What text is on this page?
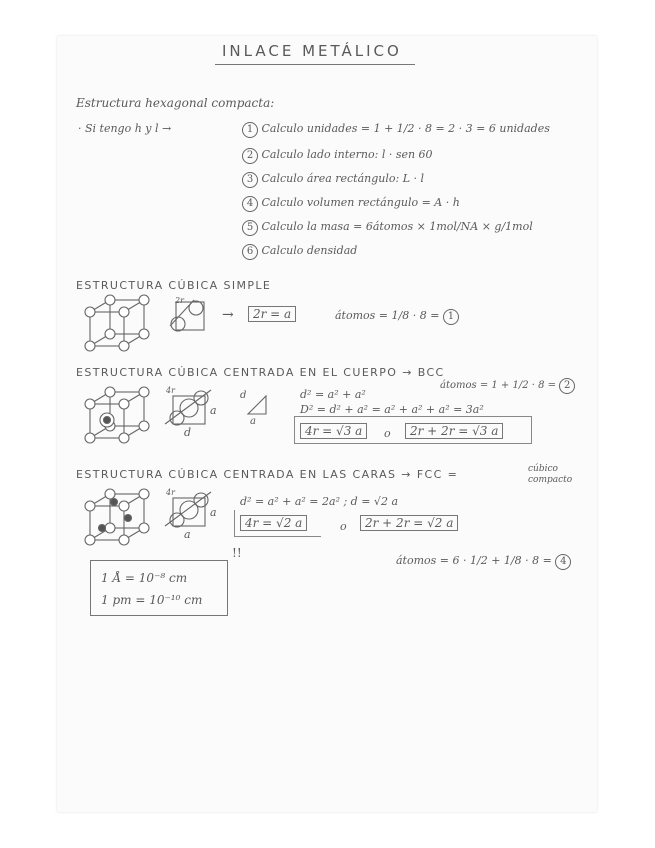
INLACE METÁLICO
Estructura hexagonal compacta:
· Si tengo h y l →	1 Calculo unidades = 1 + 1/2 · 8 = 2 · 3 = 6 unidades
2 Calculo lado interno: l · sen 60
3 Calculo área rectángulo: L · l
4 Calculo volumen rectángulo = A · h
5 Calculo la masa = 6átomos × 1mol/NA × g/1mol
6 Calculo densidad
ESTRUCTURA CÚBICA SIMPLE
2r
→	2r = a	átomos = 1/8 · 8 = 1
ESTRUCTURA CÚBICA CENTRADA EN EL CUERPO → BCC
átomos = 1 + 1/2 · 8 = 2
4r
a
d
d
a
d² = a² + a²
D² = d² + a² = a² + a² + a² = 3a²
4r = √3 a	o	2r + 2r = √3 a
ESTRUCTURA CÚBICA CENTRADA EN LAS CARAS → FCC =	cúbico compacto
4r
a
a
d² = a² + a² = 2a² ; d = √2 a
4r = √2 a	o	2r + 2r = √2 a
!!
átomos = 6 · 1/2 + 1/8 · 8 = 4
1 Å = 10⁻⁸ cm
1 pm = 10⁻¹⁰ cm
